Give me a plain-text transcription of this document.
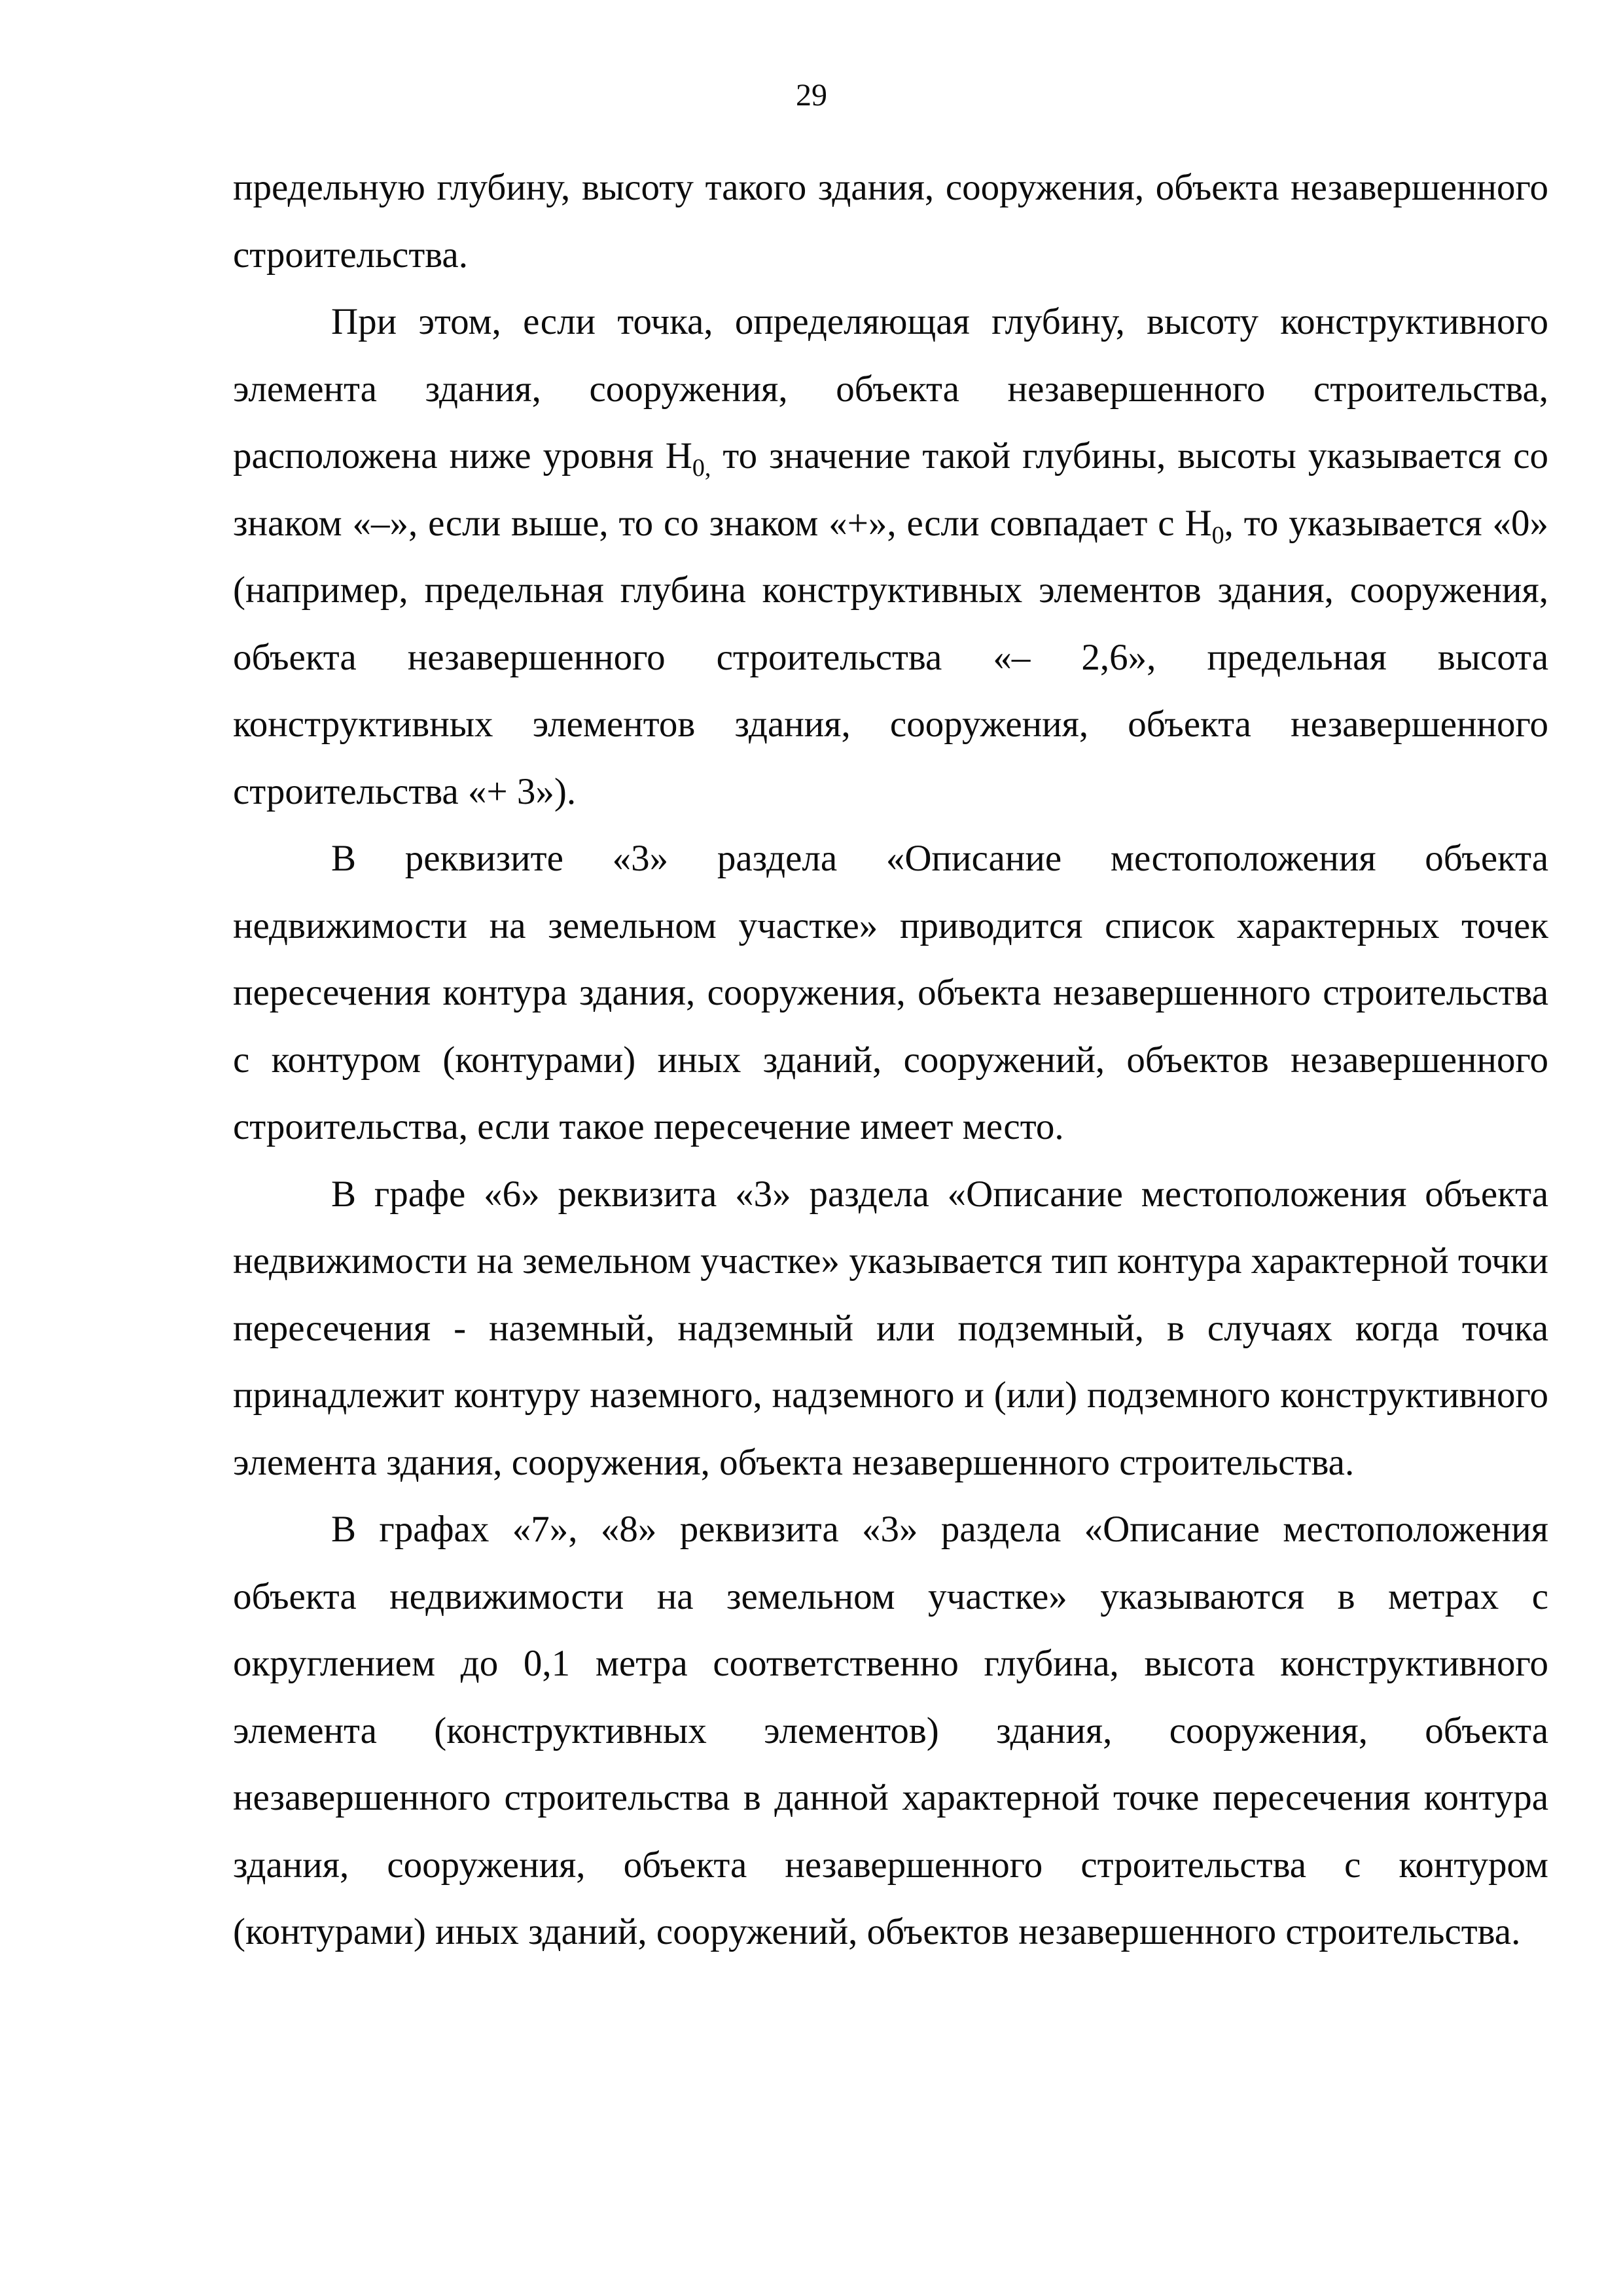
29

предельную глубину, высоту такого здания, сооружения, объекта незавершенного строительства.

При этом, если точка, определяющая глубину, высоту конструктивного элемента здания, сооружения, объекта незавершенного строительства, расположена ниже уровня $Н_{0,}$ то значение такой глубины, высоты указывается со знаком «–», если выше, то со знаком «+», если совпадает с $Н_0$, то указывается «0» (например, предельная глубина конструктивных элементов здания, сооружения, объекта незавершенного строительства «– 2,6», предельная высота конструктивных элементов здания, сооружения, объекта незавершенного строительства «+ 3»).

В реквизите «3» раздела «Описание местоположения объекта недвижимости на земельном участке» приводится список характерных точек пересечения контура здания, сооружения, объекта незавершенного строительства с контуром (контурами) иных зданий, сооружений, объектов незавершенного строительства, если такое пересечение имеет место.

В графе «6» реквизита «3» раздела «Описание местоположения объекта недвижимости на земельном участке» указывается тип контура характерной точки пересечения - наземный, надземный или подземный, в случаях когда точка принадлежит контуру наземного, надземного и (или) подземного конструктивного элемента здания, сооружения, объекта незавершенного строительства.

В графах «7», «8» реквизита «3» раздела «Описание местоположения объекта недвижимости на земельном участке» указываются в метрах с округлением до 0,1 метра соответственно глубина, высота конструктивного элемента (конструктивных элементов) здания, сооружения, объекта незавершенного строительства в данной характерной точке пересечения контура здания, сооружения, объекта незавершенного строительства с контуром (контурами) иных зданий, сооружений, объектов незавершенного строительства.
